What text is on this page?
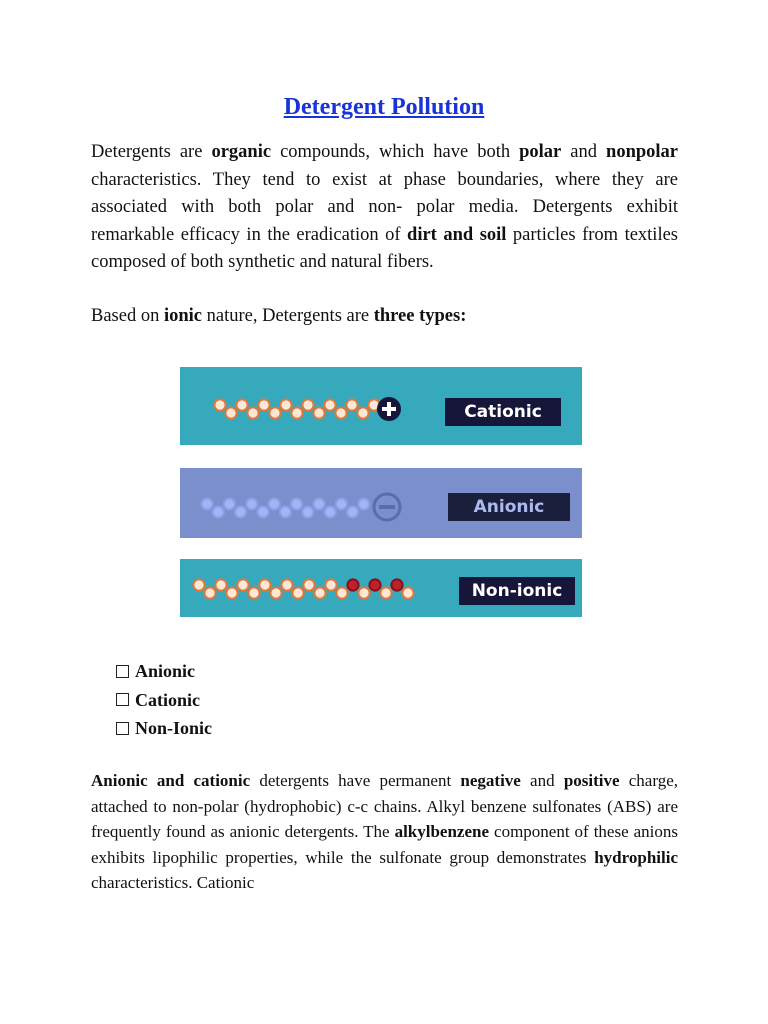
Detergent Pollution

Detergents are organic compounds, which have both polar and nonpolar characteristics. They tend to exist at phase boundaries, where they are associated with both polar and non- polar media. Detergents exhibit remarkable efficacy in the eradication of dirt and soil particles from textiles composed of both synthetic and natural fibers.

Based on ionic nature, Detergents are three types:

Cationic
Anionic
Non-ionic
Anionic
Cationic
Non-Ionic

Anionic and cationic detergents have permanent negative and positive charge, attached to non-polar (hydrophobic) c-c chains. Alkyl benzene sulfonates (ABS) are frequently found as anionic detergents. The alkylbenzene component of these anions exhibits lipophilic properties, while the sulfonate group demonstrates hydrophilic characteristics. Cationic
